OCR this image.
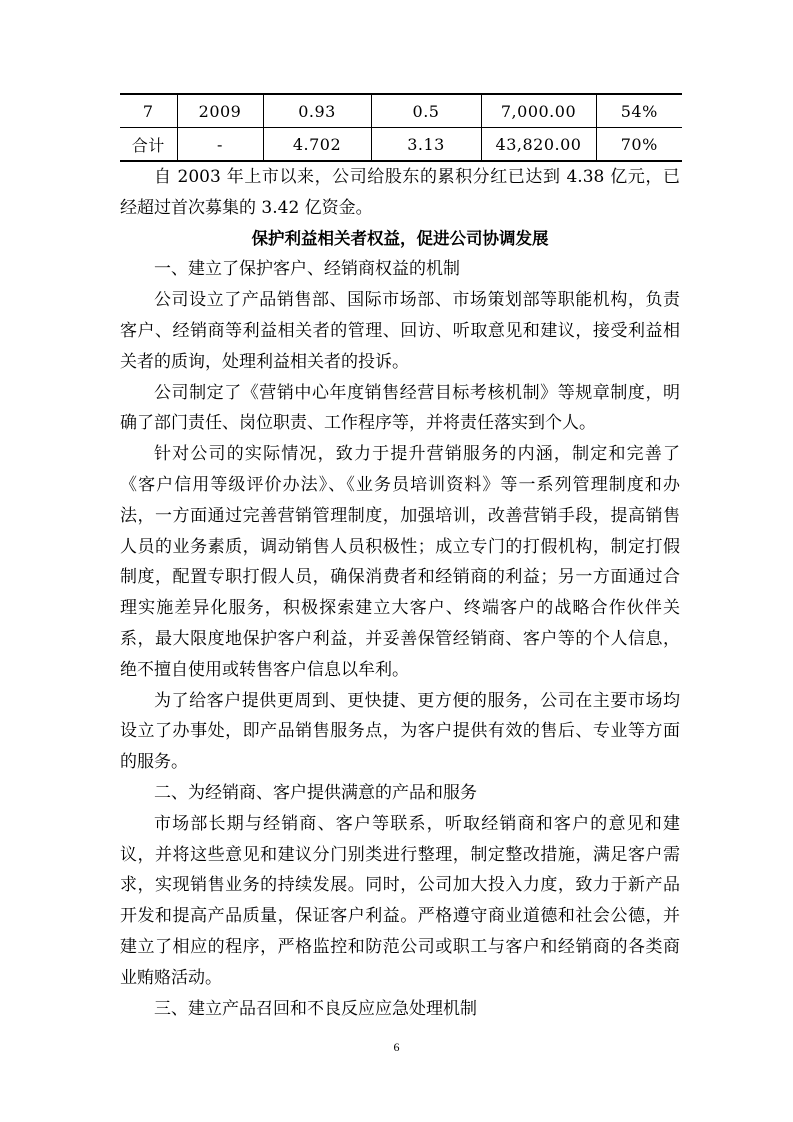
7	2009	0.93	0.5	7,000.00	54%
合计	-	4.702	3.13	43,820.00	70%

自 2003 年上市以来，公司给股东的累积分红已达到 4.38 亿元，已经超过首次募集的 3.42 亿资金。

保护利益相关者权益，促进公司协调发展

一、建立了保护客户、经销商权益的机制

公司设立了产品销售部、国际市场部、市场策划部等职能机构，负责客户、经销商等利益相关者的管理、回访、听取意见和建议，接受利益相关者的质询，处理利益相关者的投诉。

公司制定了《营销中心年度销售经营目标考核机制》等规章制度，明确了部门责任、岗位职责、工作程序等，并将责任落实到个人。

针对公司的实际情况，致力于提升营销服务的内涵，制定和完善了《客户信用等级评价办法》、《业务员培训资料》等一系列管理制度和办法，一方面通过完善营销管理制度，加强培训，改善营销手段，提高销售人员的业务素质，调动销售人员积极性；成立专门的打假机构，制定打假制度，配置专职打假人员，确保消费者和经销商的利益；另一方面通过合理实施差异化服务，积极探索建立大客户、终端客户的战略合作伙伴关系，最大限度地保护客户利益，并妥善保管经销商、客户等的个人信息，绝不擅自使用或转售客户信息以牟利。

为了给客户提供更周到、更快捷、更方便的服务，公司在主要市场均设立了办事处，即产品销售服务点，为客户提供有效的售后、专业等方面的服务。

二、为经销商、客户提供满意的产品和服务

市场部长期与经销商、客户等联系，听取经销商和客户的意见和建议，并将这些意见和建议分门别类进行整理，制定整改措施，满足客户需求，实现销售业务的持续发展。同时，公司加大投入力度，致力于新产品开发和提高产品质量，保证客户利益。严格遵守商业道德和社会公德，并建立了相应的程序，严格监控和防范公司或职工与客户和经销商的各类商业贿赂活动。

三、建立产品召回和不良反应应急处理机制

6
